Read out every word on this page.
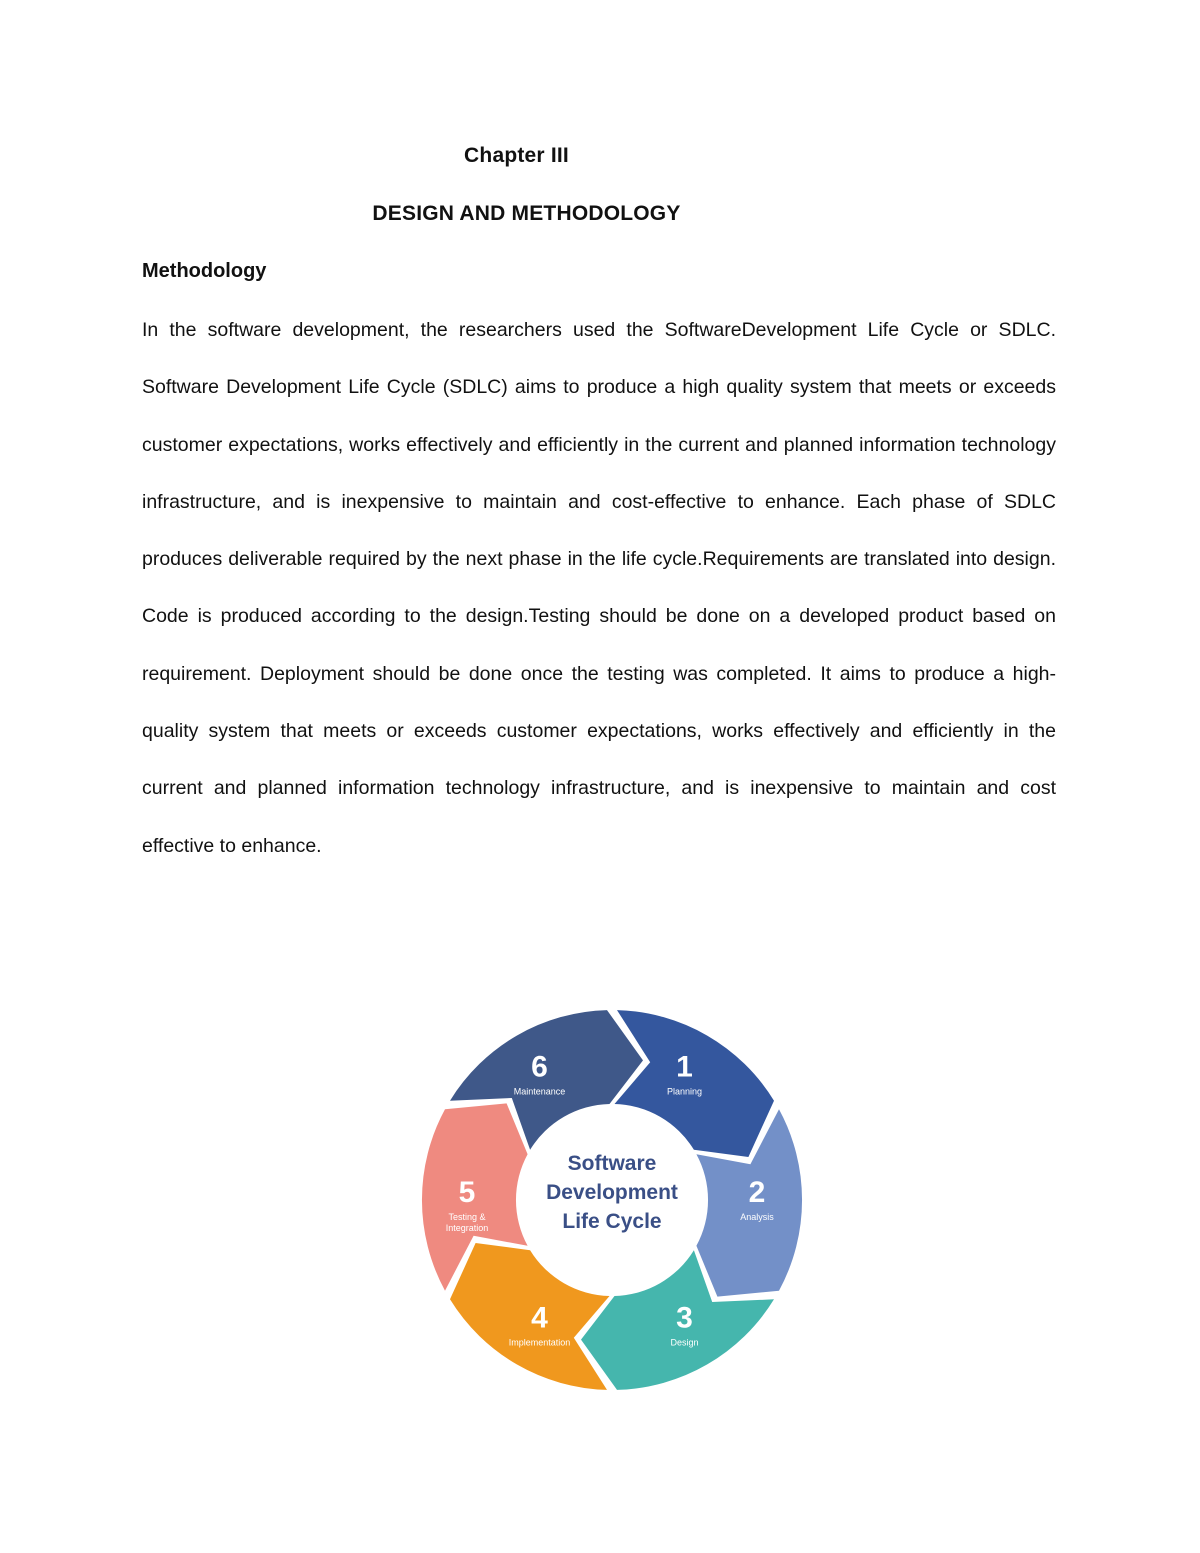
Chapter III
DESIGN AND METHODOLOGY
Methodology
In the software development, the researchers used the SoftwareDevelopment Life Cycle or SDLC. Software Development Life Cycle (SDLC) aims to produce a high quality system that meets or exceeds customer expectations, works effectively and efficiently in the current and planned information technology infrastructure, and is inexpensive to maintain and cost-effective to enhance. Each phase of SDLC produces deliverable required by the next phase in the life cycle.Requirements are translated into design. Code is produced according to the design.Testing should be done on a developed product based on requirement. Deployment should be done once the testing was completed. It aims to produce a high-quality system that meets or exceeds customer expectations, works effectively and efficiently in the current and planned information technology infrastructure, and is inexpensive to maintain and cost effective to enhance.
1
Planning
2
Analysis
3
Design
4
Implementation
5
Testing &
Integration
6
Maintenance
Software
Development
Life Cycle
